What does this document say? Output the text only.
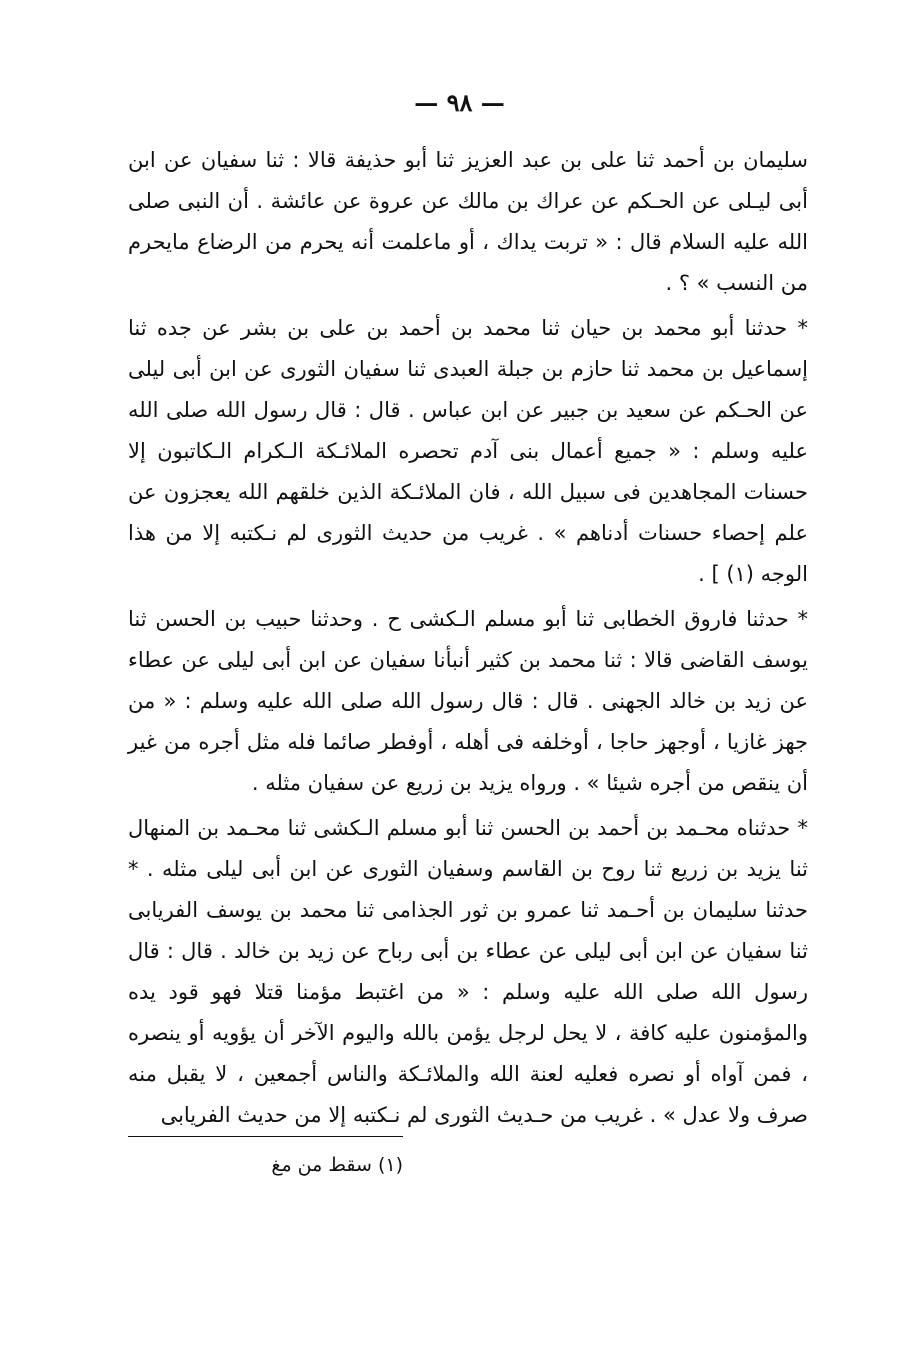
— ٩٨ —

سليمان بن أحمد ثنا على بن عبد العزيز ثنا أبو حذيفة قالا : ثنا سفيان عن ابن أبى ليـلى عن الحـكم عن عراك بن مالك عن عروة عن عائشة . أن النبى صلى الله عليه السلام قال : « تربت يداك ، أو ماعلمت أنه يحرم من الرضاع مايحرم من النسب » ؟ .

* حدثنا أبو محمد بن حيان ثنا محمد بن أحمد بن على بن بشر عن جده ثنا إسماعيل بن محمد ثنا حازم بن جبلة العبدى ثنا سفيان الثورى عن ابن أبى ليلى عن الحـكم عن سعيد بن جبير عن ابن عباس . قال : قال رسول الله صلى الله عليه وسلم : « جميع أعمال بنى آدم تحصره الملائـكة الـكرام الـكاتبون إلا حسنات المجاهدين فى سبيل الله ، فان الملائـكة الذين خلقهم الله يعجزون عن علم إحصاء حسنات أدناهم » . غريب من حديث الثورى لم نـكتبه إلا من هذا الوجه (١) ] .

* حدثنا فاروق الخطابى ثنا أبو مسلم الـكشى ح . وحدثنا حبيب بن الحسن ثنا يوسف القاضى قالا : ثنا محمد بن كثير أنبأنا سفيان عن ابن أبى ليلى عن عطاء عن زيد بن خالد الجهنى . قال : قال رسول الله صلى الله عليه وسلم : « من جهز غازيا ، أوجهز حاجا ، أوخلفه فى أهله ، أوفطر صائما فله مثل أجره من غير أن ينقص من أجره شيئا » . ورواه يزيد بن زريع عن سفيان مثله .

* حدثناه محـمد بن أحمد بن الحسن ثنا أبو مسلم الـكشى ثنا محـمد بن المنهال ثنا يزيد بن زريع ثنا روح بن القاسم وسفيان الثورى عن ابن أبى ليلى مثله . * حدثنا سليمان بن أحـمد ثنا عمرو بن ثور الجذامى ثنا محمد بن يوسف الفريابى ثنا سفيان عن ابن أبى ليلى عن عطاء بن أبى رباح عن زيد بن خالد . قال : قال رسول الله صلى الله عليه وسلم : « من اغتبط مؤمنا قتلا فهو قود يده والمؤمنون عليه كافة ، لا يحل لرجل يؤمن بالله واليوم الآخر أن يؤويه أو ينصره ، فمن آواه أو نصره فعليه لعنة الله والملائـكة والناس أجمعين ، لا يقبل منه صرف ولا عدل » . غريب من حـديث الثورى لم نـكتبه إلا من حديث الفريابى

(١) سقط من مغ
